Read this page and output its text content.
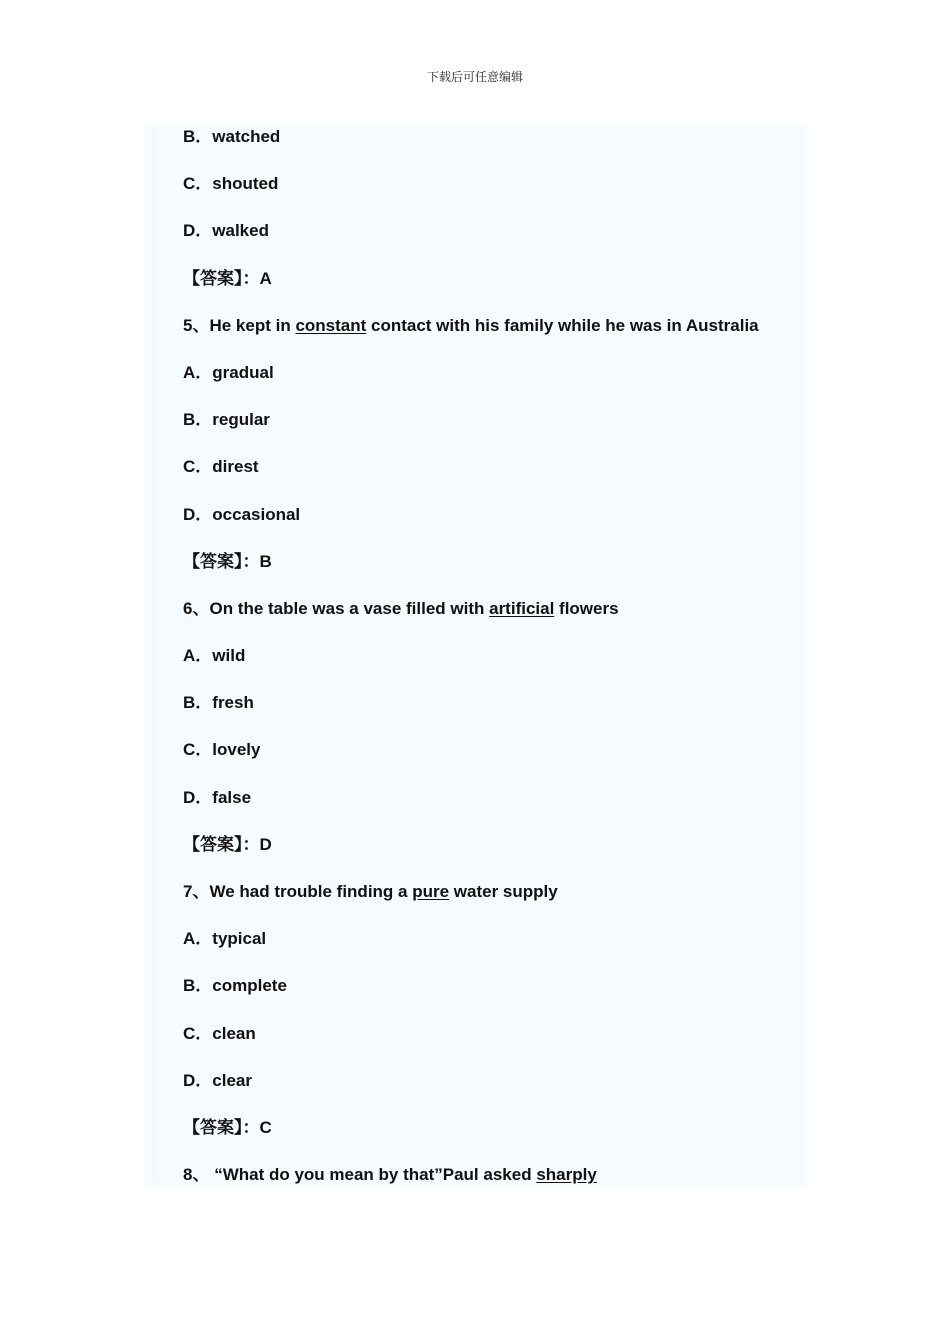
下载后可任意编辑
B．watched
C．shouted
D．walked
【答案】：A
5、He kept in constant contact with his family while he was in Australia
A．gradual
B．regular
C．direst
D．occasional
【答案】：B
6、On the table was a vase filled with artificial flowers
A．wild
B．fresh
C．lovely
D．false
【答案】：D
7、We had trouble finding a pure water supply
A．typical
B．complete
C．clean
D．clear
【答案】：C
8、 “What do you mean by that”Paul asked sharply
